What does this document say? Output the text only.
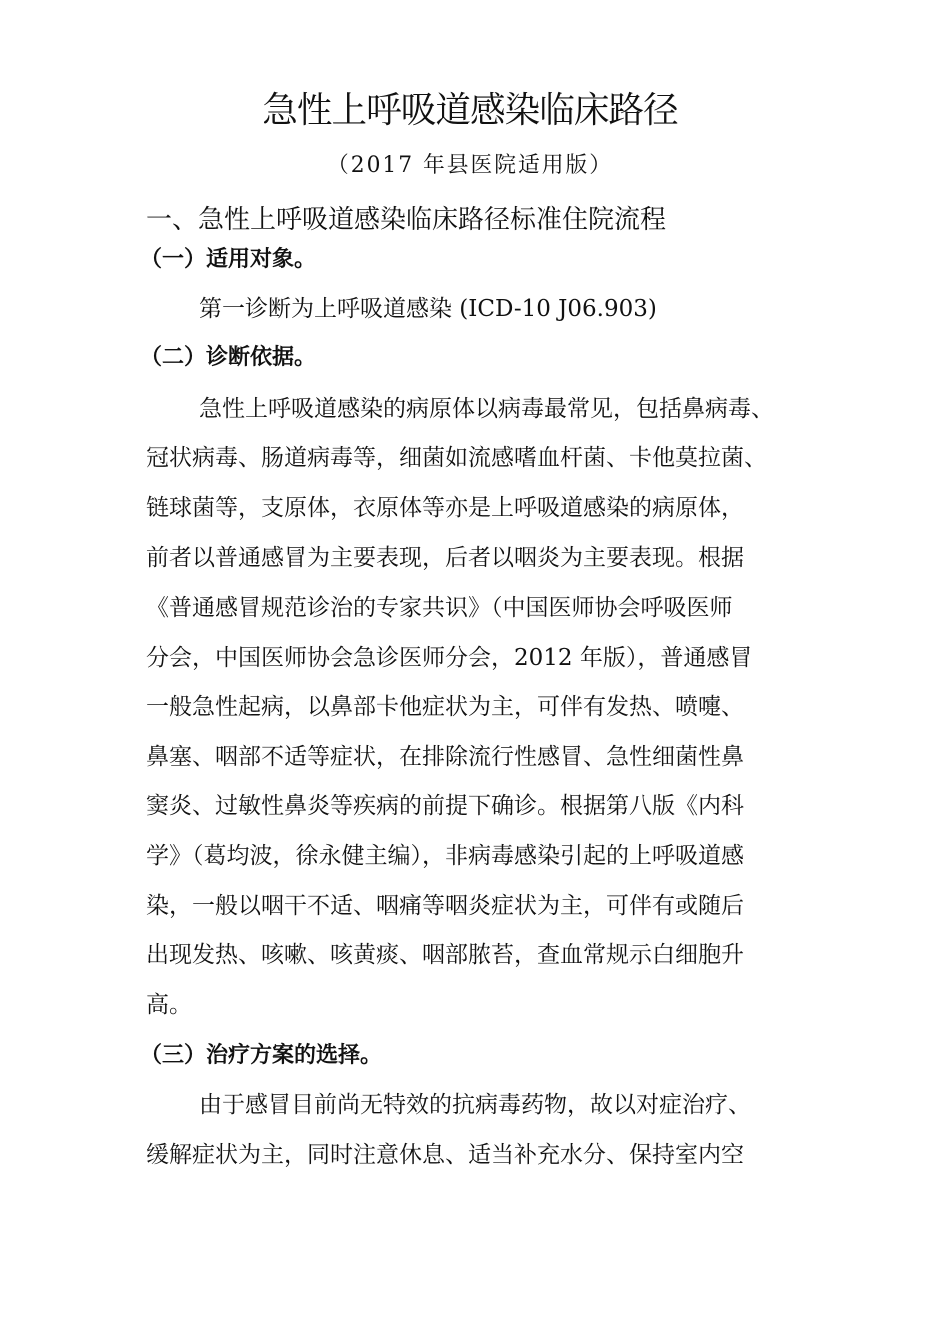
急性上呼吸道感染临床路径
（2017 年县医院适用版）
一、急性上呼吸道感染临床路径标准住院流程
（一）适用对象。
第一诊断为上呼吸道感染 (ICD-10 J06.903)
（二）诊断依据。
急性上呼吸道感染的病原体以病毒最常见，包括鼻病毒、
冠状病毒、肠道病毒等，细菌如流感嗜血杆菌、卡他莫拉菌、
链球菌等，支原体，衣原体等亦是上呼吸道感染的病原体，
前者以普通感冒为主要表现，后者以咽炎为主要表现。根据
《普通感冒规范诊治的专家共识》（中国医师协会呼吸医师
分会，中国医师协会急诊医师分会，2012 年版），普通感冒
一般急性起病，以鼻部卡他症状为主，可伴有发热、喷嚏、
鼻塞、咽部不适等症状，在排除流行性感冒、急性细菌性鼻
窦炎、过敏性鼻炎等疾病的前提下确诊。根据第八版《内科
学》（葛均波，徐永健主编），非病毒感染引起的上呼吸道感
染，一般以咽干不适、咽痛等咽炎症状为主，可伴有或随后
出现发热、咳嗽、咳黄痰、咽部脓苔，查血常规示白细胞升
高。
（三）治疗方案的选择。
由于感冒目前尚无特效的抗病毒药物，故以对症治疗、
缓解症状为主，同时注意休息、适当补充水分、保持室内空
